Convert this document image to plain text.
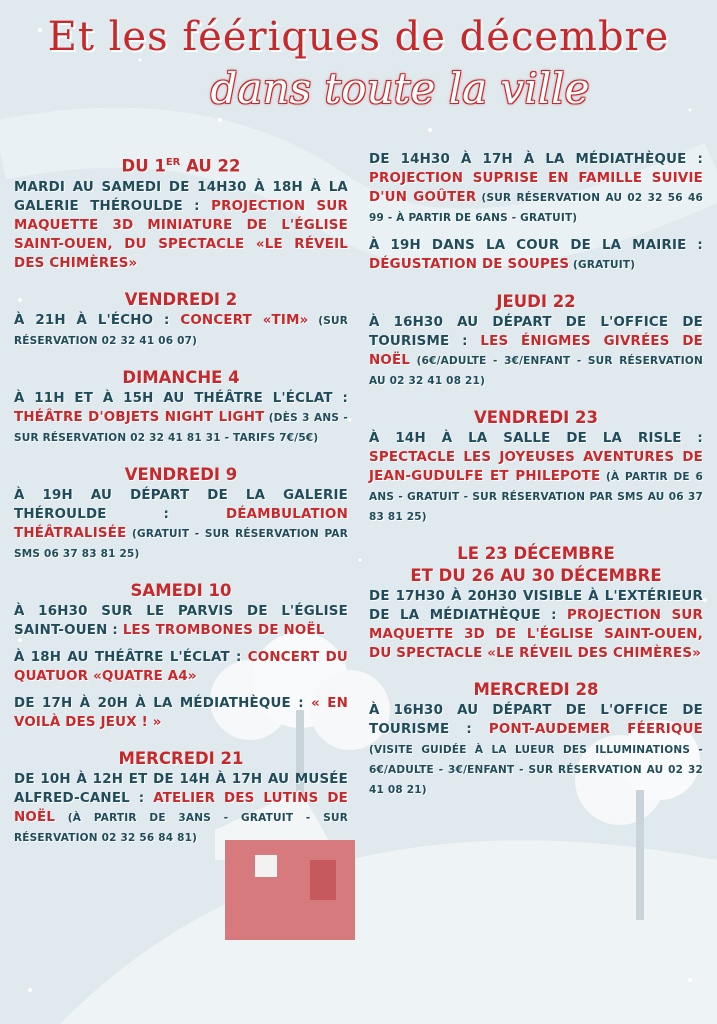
Et les féériques de décembre
dans toute la ville
DU 1ER AU 22

MARDI AU SAMEDI DE 14H30 À 18H À LA GALERIE THÉROULDE : PROJECTION SUR MAQUETTE 3D MINIATURE DE L'ÉGLISE SAINT-OUEN, DU SPECTACLE «LE RÉVEIL DES CHIMÈRES»

VENDREDI 2

À 21H À L'ÉCHO : CONCERT «TIM» (SUR RÉSERVATION 02 32 41 06 07)

DIMANCHE 4

À 11H ET À 15H AU THÉÂTRE L'ÉCLAT : THÉÂTRE D'OBJETS NIGHT LIGHT (DÈS 3 ANS - SUR RÉSERVATION 02 32 41 81 31 - TARIFS 7€/5€)

VENDREDI 9

À 19H AU DÉPART DE LA GALERIE THÉROULDE : DÉAMBULATION THÉÂTRALISÉE (GRATUIT - SUR RÉSERVATION PAR SMS 06 37 83 81 25)

SAMEDI 10

À 16H30 SUR LE PARVIS DE L'ÉGLISE SAINT-OUEN : LES TROMBONES DE NOËL

À 18H AU THÉÂTRE L'ÉCLAT : CONCERT DU QUATUOR «QUATRE A4»

DE 17H À 20H À LA MÉDIATHÈQUE : « EN VOILÀ DES JEUX ! »

MERCREDI 21

DE 10H À 12H ET DE 14H À 17H AU MUSÉE ALFRED-CANEL : ATELIER DES LUTINS DE NOËL (À PARTIR DE 3ANS - GRATUIT - SUR RÉSERVATION 02 32 56 84 81)

DE 14H30 À 17H À LA MÉDIATHÈQUE : PROJECTION SUPRISE EN FAMILLE SUIVIE D'UN GOÛTER (SUR RÉSERVATION AU 02 32 56 46 99 - À PARTIR DE 6ANS - GRATUIT)

À 19H DANS LA COUR DE LA MAIRIE : DÉGUSTATION DE SOUPES (GRATUIT)

JEUDI 22

À 16H30 AU DÉPART DE L'OFFICE DE TOURISME : LES ÉNIGMES GIVRÉES DE NOËL (6€/ADULTE - 3€/ENFANT - SUR RÉSERVATION AU 02 32 41 08 21)

VENDREDI 23

À 14H À LA SALLE DE LA RISLE : SPECTACLE LES JOYEUSES AVENTURES DE JEAN-GUDULFE ET PHILEPOTE (À PARTIR DE 6 ANS - GRATUIT - SUR RÉSERVATION PAR SMS AU 06 37 83 81 25)

LE 23 DÉCEMBRE
ET DU 26 AU 30 DÉCEMBRE

DE 17H30 À 20H30 VISIBLE À L'EXTÉRIEUR DE LA MÉDIATHÈQUE : PROJECTION SUR MAQUETTE 3D DE L'ÉGLISE SAINT-OUEN, DU SPECTACLE «LE RÉVEIL DES CHIMÈRES»

MERCREDI 28

À 16H30 AU DÉPART DE L'OFFICE DE TOURISME : PONT-AUDEMER FÉERIQUE (VISITE GUIDÉE À LA LUEUR DES ILLUMINATIONS - 6€/ADULTE - 3€/ENFANT - SUR RÉSERVATION AU 02 32 41 08 21)
